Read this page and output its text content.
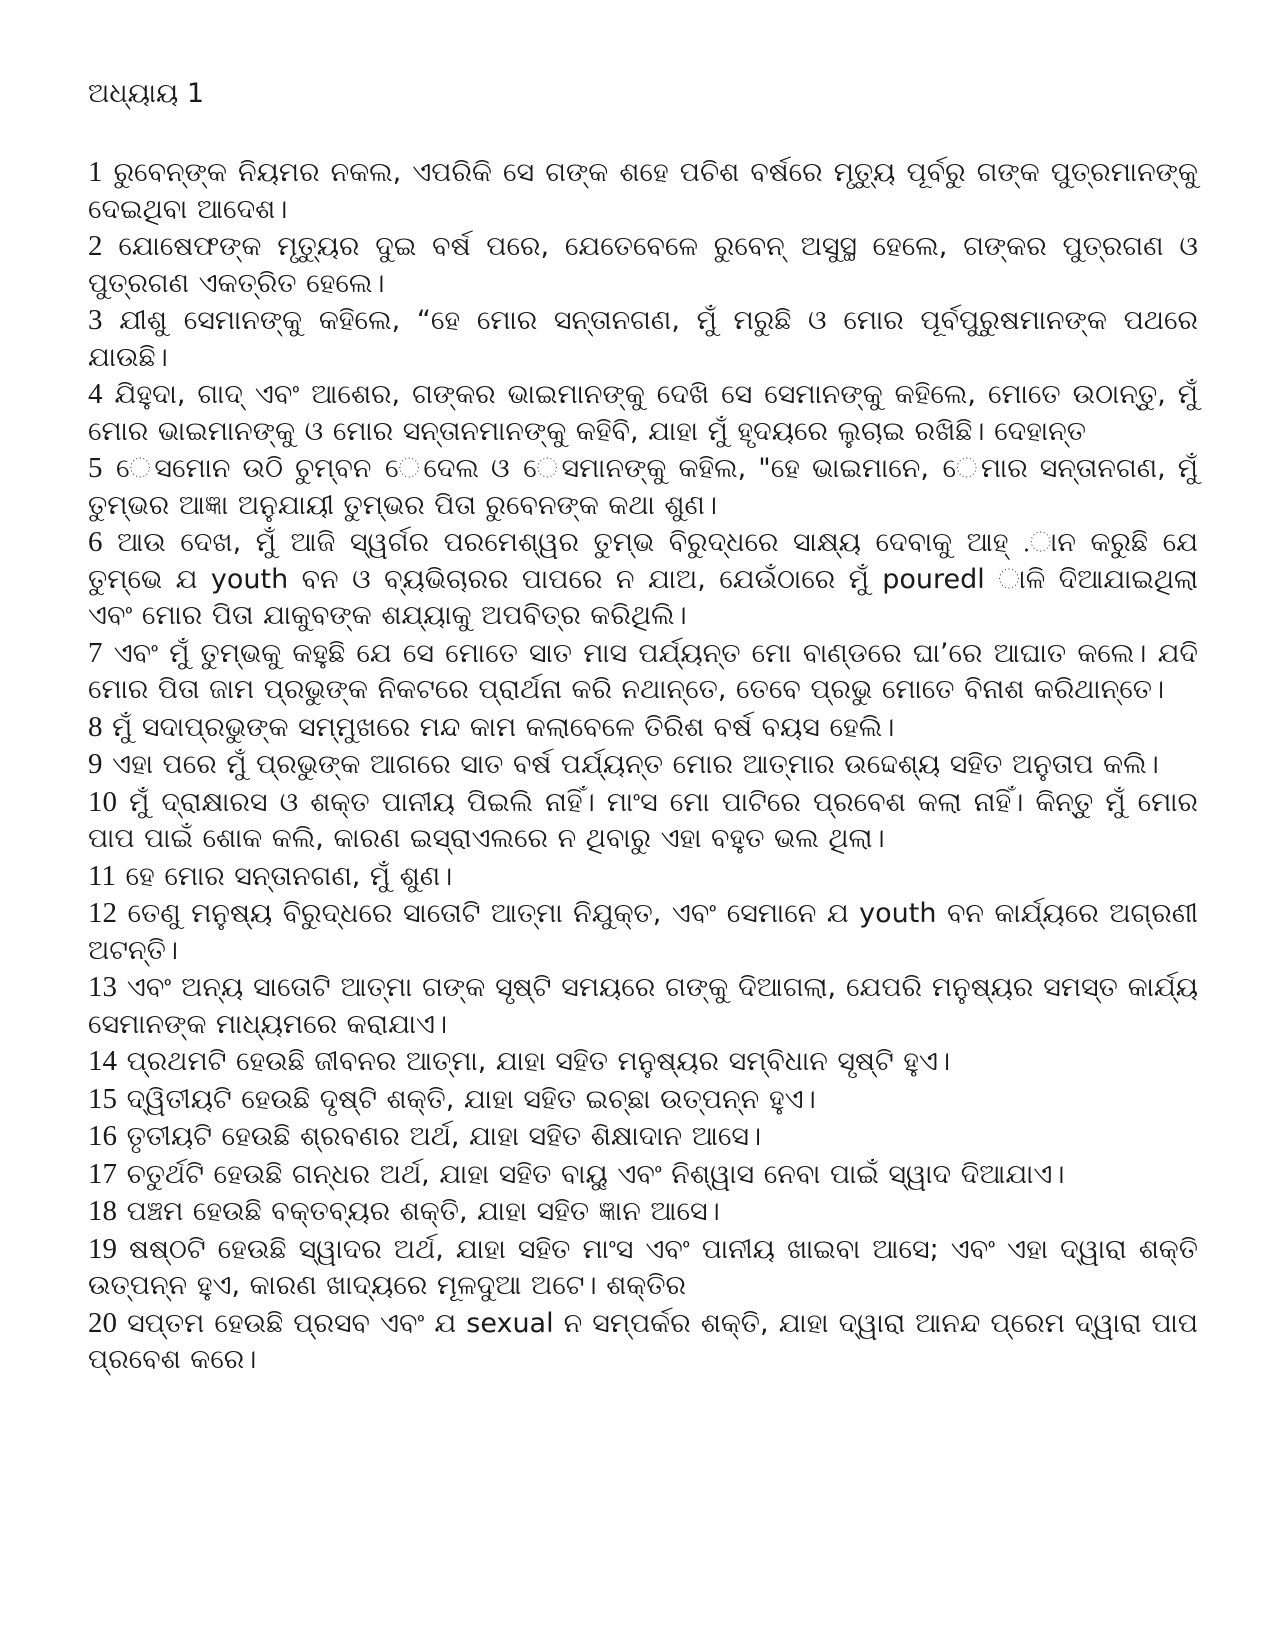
ଅଧ୍ୟାୟ 1

1 ରୁବେନ୍ଙ୍କ ନିୟମର ନକଲ, ଏପରିକି ସେ ଗଙ୍କ ଶହେ ପଚିଶ ବର୍ଷରେ ମୃତ୍ୟୁ ପୂର୍ବରୁ ଗଙ୍କ ପୁତ୍ରମାନଙ୍କୁ ଦେଇଥିବା ଆଦେଶ।

2 ଯୋଷେଫଙ୍କ ମୃତ୍ୟୁର ଦୁଇ ବର୍ଷ ପରେ, ଯେତେବେଳେ ରୁବେନ୍ ଅସୁସ୍ଥ ହେଲେ, ଗଙ୍କର ପୁତ୍ରଗଣ ଓ ପୁତ୍ରଗଣ ଏକତ୍ରିତ ହେଲେ।

3 ଯୀଶୁ ସେମାନଙ୍କୁ କହିଲେ, “ହେ ମୋର ସନ୍ତାନଗଣ, ମୁଁ ମରୁଛି ଓ ମୋର ପୂର୍ବପୁରୁଷମାନଙ୍କ ପଥରେ ଯାଉଛି।

4 ଯିହୁଦା, ଗାଦ୍ ଏବଂ ଆଶେର, ଗଙ୍କର ଭାଇମାନଙ୍କୁ ଦେଖି ସେ ସେମାନଙ୍କୁ କହିଲେ, ମୋତେ ଉଠାନ୍ତୁ, ମୁଁ ମୋର ଭାଇମାନଙ୍କୁ ଓ ମୋର ସନ୍ତାନମାନଙ୍କୁ କହିବି, ଯାହା ମୁଁ ହୃଦୟରେ ଲୁଚାଇ ରଖିଛି। ଦେହାନ୍ତ

5 େସମୋନ ଉଠି ଚୁମ୍ବନ େଦେଲ ଓ େସମାନଙ୍କୁ କହିଲ, "ହେ ଭାଇମାନେ, େମାର ସନ୍ତାନଗଣ, ମୁଁ ତୁମ୍ଭର ଆଜ୍ଞା ଅନୁଯାୟୀ ତୁମ୍ଭର ପିତା ରୁବେନଙ୍କ କଥା ଶୁଣ।

6 ଆଉ ଦେଖ, ମୁଁ ଆଜି ସ୍ୱର୍ଗର ପରମେଶ୍ୱର ତୁମ୍ଭ ବିରୁଦ୍ଧରେ ସାକ୍ଷ୍ୟ ଦେବାକୁ ଆହ୍ .ାନ କରୁଛି ଯେ ତୁମ୍ଭେ ଯ youth ବନ ଓ ବ୍ୟଭିଚାରର ପାପରେ ନ ଯାଅ, ଯେଉଁଠାରେ ମୁଁ pouredl ାଳି ଦିଆଯାଇଥିଲା ଏବଂ ମୋର ପିତା ଯାକୁବଙ୍କ ଶଯ୍ୟାକୁ ଅପବିତ୍ର କରିଥିଲି।

7 ଏବଂ ମୁଁ ତୁମ୍ଭକୁ କହୁଛି ଯେ ସେ ମୋତେ ସାତ ମାସ ପର୍ଯ୍ୟନ୍ତ ମୋ ବାଣ୍ଡରେ ଘା’ରେ ଆଘାତ କଲେ। ଯଦି ମୋର ପିତା ଜାମ ପ୍ରଭୁଙ୍କ ନିକଟରେ ପ୍ରାର୍ଥନା କରି ନଥାନ୍ତେ, ତେବେ ପ୍ରଭୁ ମୋତେ ବିନାଶ କରିଥାନ୍ତେ।

8 ମୁଁ ସଦାପ୍ରଭୁଙ୍କ ସମ୍ମୁଖରେ ମନ୍ଦ କାମ କଲାବେଳେ ତିରିଶ ବର୍ଷ ବୟସ ହେଲି।

9 ଏହା ପରେ ମୁଁ ପ୍ରଭୁଙ୍କ ଆଗରେ ସାତ ବର୍ଷ ପର୍ଯ୍ୟନ୍ତ ମୋର ଆତ୍ମାର ଉଦ୍ଦେଶ୍ୟ ସହିତ ଅନୁତାପ କଲି।

10 ମୁଁ ଦ୍ରାକ୍ଷାରସ ଓ ଶକ୍ତ ପାନୀୟ ପିଇଲି ନାହିଁ। ମାଂସ ମୋ ପାଟିରେ ପ୍ରବେଶ କଲା ନାହିଁ। କିନ୍ତୁ ମୁଁ ମୋର ପାପ ପାଇଁ ଶୋକ କଲି, କାରଣ ଇସ୍ରାଏଲରେ ନ ଥିବାରୁ ଏହା ବହୁତ ଭଲ ଥିଲା।

11 ହେ ମୋର ସନ୍ତାନଗଣ, ମୁଁ ଶୁଣ।

12 ତେଣୁ ମନୁଷ୍ୟ ବିରୁଦ୍ଧରେ ସାତୋଟି ଆତ୍ମା ନିଯୁକ୍ତ, ଏବଂ ସେମାନେ ଯ youth ବନ କାର୍ଯ୍ୟରେ ଅଗ୍ରଣୀ ଅଟନ୍ତି।

13 ଏବଂ ଅନ୍ୟ ସାତୋଟି ଆତ୍ମା ଗଙ୍କ ସୃଷ୍ଟି ସମୟରେ ଗଙ୍କୁ ଦିଆଗଲା, ଯେପରି ମନୁଷ୍ୟର ସମସ୍ତ କାର୍ଯ୍ୟ ସେମାନଙ୍କ ମାଧ୍ୟମରେ କରାଯାଏ।

14 ପ୍ରଥମଟି ହେଉଛି ଜୀବନର ଆତ୍ମା, ଯାହା ସହିତ ମନୁଷ୍ୟର ସମ୍ବିଧାନ ସୃଷ୍ଟି ହୁଏ।

15 ଦ୍ୱିତୀୟଟି ହେଉଛି ଦୃଷ୍ଟି ଶକ୍ତି, ଯାହା ସହିତ ଇଚ୍ଛା ଉତ୍ପନ୍ନ ହୁଏ।

16 ତୃତୀୟଟି ହେଉଛି ଶ୍ରବଣର ଅର୍ଥ, ଯାହା ସହିତ ଶିକ୍ଷାଦାନ ଆସେ।

17 ଚତୁର୍ଥଟି ହେଉଛି ଗନ୍ଧର ଅର୍ଥ, ଯାହା ସହିତ ବାୟୁ ଏବଂ ନିଶ୍ୱାସ ନେବା ପାଇଁ ସ୍ୱାଦ ଦିଆଯାଏ।

18 ପଞ୍ଚମ ହେଉଛି ବକ୍ତବ୍ୟର ଶକ୍ତି, ଯାହା ସହିତ ଜ୍ଞାନ ଆସେ।

19 ଷଷ୍ଠଟି ହେଉଛି ସ୍ୱାଦର ଅର୍ଥ, ଯାହା ସହିତ ମାଂସ ଏବଂ ପାନୀୟ ଖାଇବା ଆସେ; ଏବଂ ଏହା ଦ୍ୱାରା ଶକ୍ତି ଉତ୍ପନ୍ନ ହୁଏ, କାରଣ ଖାଦ୍ୟରେ ମୂଳଦୁଆ ଅଟେ। ଶକ୍ତିର

20 ସପ୍ତମ ହେଉଛି ପ୍ରସବ ଏବଂ ଯ sexual ନ ସମ୍ପର୍କର ଶକ୍ତି, ଯାହା ଦ୍ୱାରା ଆନନ୍ଦ ପ୍ରେମ ଦ୍ୱାରା ପାପ ପ୍ରବେଶ କରେ।
